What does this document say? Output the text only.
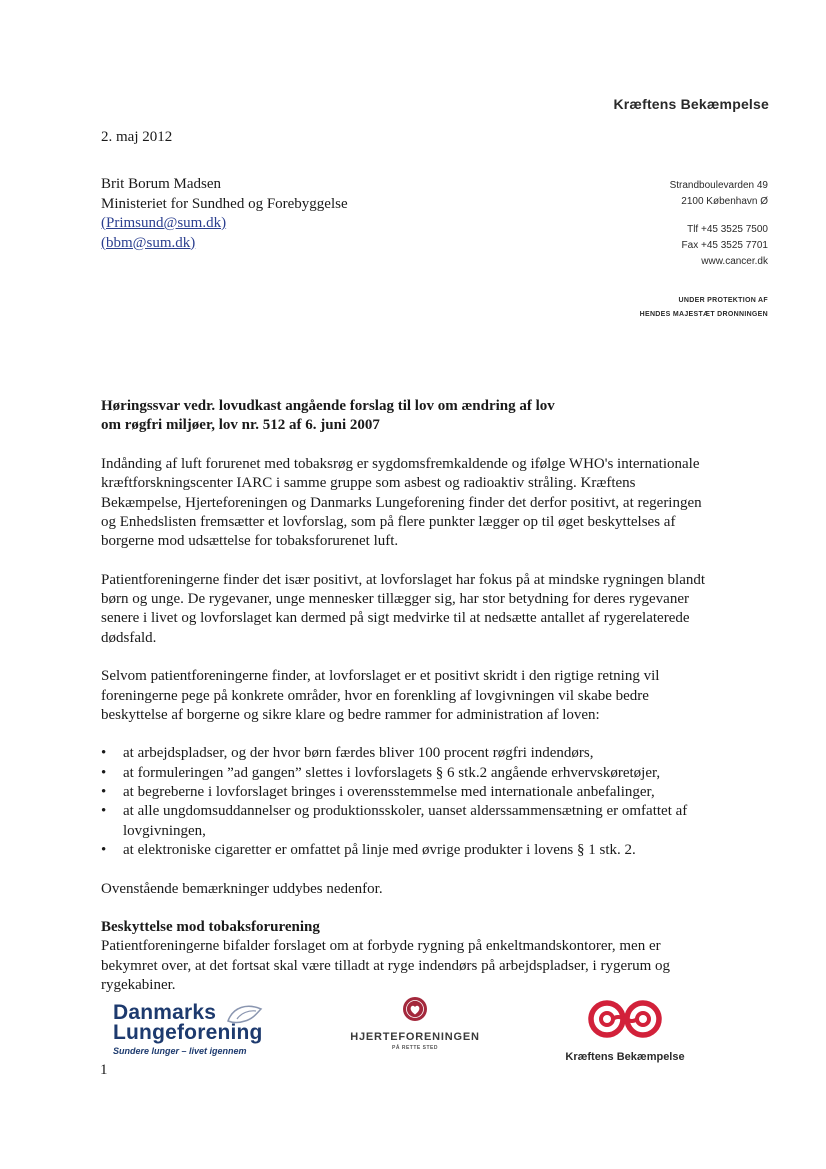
Kræftens Bekæmpelse
2. maj 2012
Brit Borum Madsen
Ministeriet for Sundhed og Forebyggelse
(Primsund@sum.dk)
(bbm@sum.dk)
Strandboulevarden 49
2100 København Ø
Tlf +45 3525 7500
Fax +45 3525 7701
www.cancer.dk
UNDER PROTEKTION AF
HENDES MAJESTÆT DRONNINGEN
Høringssvar vedr. lovudkast angående forslag til lov om ændring af lov
om røgfri miljøer, lov nr. 512 af 6. juni 2007

Indånding af luft forurenet med tobaksrøg er sygdomsfremkaldende og ifølge WHO's internationale kræftforskningscenter IARC i samme gruppe som asbest og radioaktiv stråling. Kræftens Bekæmpelse, Hjerteforeningen og Danmarks Lungeforening finder det derfor positivt, at regeringen og Enhedslisten fremsætter et lovforslag, som på flere punkter lægger op til øget beskyttelses af borgerne mod udsættelse for tobaksforurenet luft.

Patientforeningerne finder det især positivt, at lovforslaget har fokus på at mindske rygningen blandt børn og unge. De rygevaner, unge mennesker tillægger sig, har stor betydning for deres rygevaner senere i livet og lovforslaget kan dermed på sigt medvirke til at nedsætte antallet af rygerelaterede dødsfald.

Selvom patientforeningerne finder, at lovforslaget er et positivt skridt i den rigtige retning vil foreningerne pege på konkrete områder, hvor en forenkling af lovgivningen vil skabe bedre beskyttelse af borgerne og sikre klare og bedre rammer for administration af loven:

• at arbejdspladser, og der hvor børn færdes bliver 100 procent røgfri indendørs,
• at formuleringen ”ad gangen” slettes i lovforslagets § 6 stk.2 angående erhvervskøretøjer,
• at begreberne i lovforslaget bringes i overensstemmelse med internationale anbefalinger,
• at alle ungdomsuddannelser og produktionsskoler, uanset alderssammensætning er omfattet af lovgivningen,
• at elektroniske cigaretter er omfattet på linje med øvrige produkter i lovens § 1 stk. 2.

Ovenstående bemærkninger uddybes nedenfor.

Beskyttelse mod tobaksforurening

Patientforeningerne bifalder forslaget om at forbyde rygning på enkeltmandskontorer, men er bekymret over, at det fortsat skal være tilladt at ryge indendørs på arbejdspladser, i rygerum og rygekabiner.

Danmarks
Lungeforening
Sundere lunger – livet igennem
HJERTEFORENINGEN
PÅ RETTE STED
Kræftens Bekæmpelse
1
